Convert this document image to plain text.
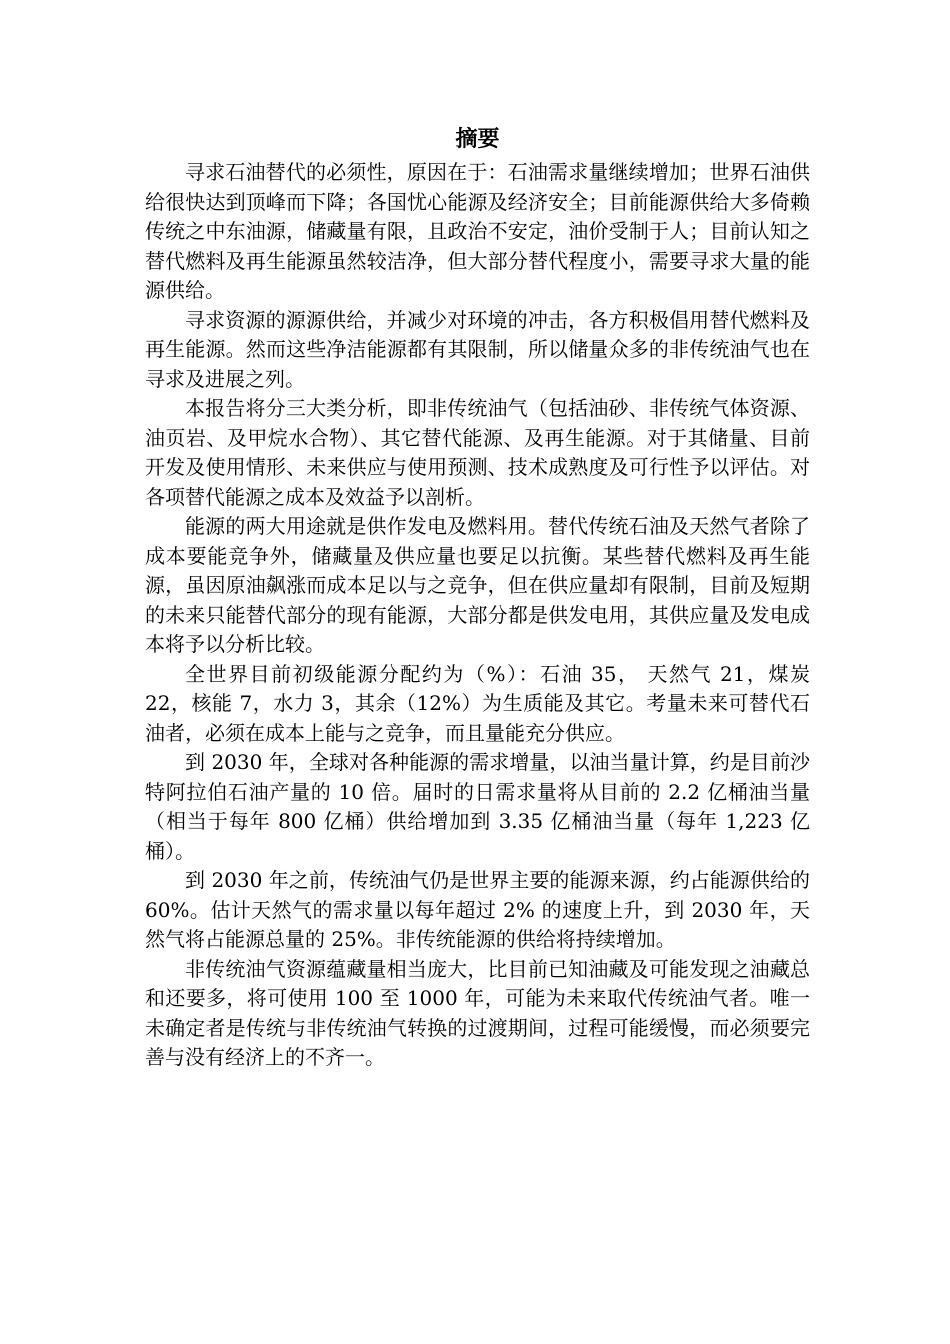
摘要

寻求石油替代的必须性，原因在于：石油需求量继续增加；世界石油供给很快达到顶峰而下降；各国忧心能源及经济安全；目前能源供给大多倚赖传统之中东油源，储藏量有限，且政治不安定，油价受制于人；目前认知之替代燃料及再生能源虽然较洁净，但大部分替代程度小，需要寻求大量的能源供给。

寻求资源的源源供给，并减少对环境的冲击，各方积极倡用替代燃料及再生能源。然而这些净洁能源都有其限制，所以储量众多的非传统油气也在寻求及进展之列。

本报告将分三大类分析，即非传统油气（包括油砂、非传统气体资源、油页岩、及甲烷水合物）、其它替代能源、及再生能源。对于其储量、目前开发及使用情形、未来供应与使用预测、技术成熟度及可行性予以评估。对各项替代能源之成本及效益予以剖析。

能源的两大用途就是供作发电及燃料用。替代传统石油及天然气者除了成本要能竞争外，储藏量及供应量也要足以抗衡。某些替代燃料及再生能源，虽因原油飙涨而成本足以与之竞争，但在供应量却有限制，目前及短期的未来只能替代部分的现有能源，大部分都是供发电用，其供应量及发电成本将予以分析比较。

全世界目前初级能源分配约为（%）：石油 35， 天然气 21，煤炭 22，核能 7，水力 3，其余（12%）为生质能及其它。考量未来可替代石油者，必须在成本上能与之竞争，而且量能充分供应。

到 2030 年，全球对各种能源的需求增量，以油当量计算，约是目前沙特阿拉伯石油产量的 10 倍。届时的日需求量将从目前的 2.2 亿桶油当量（相当于每年 800 亿桶）供给增加到 3.35 亿桶油当量（每年 1,223 亿桶）。

到 2030 年之前，传统油气仍是世界主要的能源来源，约占能源供给的 60%。估计天然气的需求量以每年超过 2% 的速度上升，到 2030 年，天然气将占能源总量的 25%。非传统能源的供给将持续增加。

非传统油气资源蕴藏量相当庞大，比目前已知油藏及可能发现之油藏总和还要多，将可使用 100 至 1000 年，可能为未来取代传统油气者。唯一未确定者是传统与非传统油气转换的过渡期间，过程可能缓慢，而必须要完善与没有经济上的不齐一。
